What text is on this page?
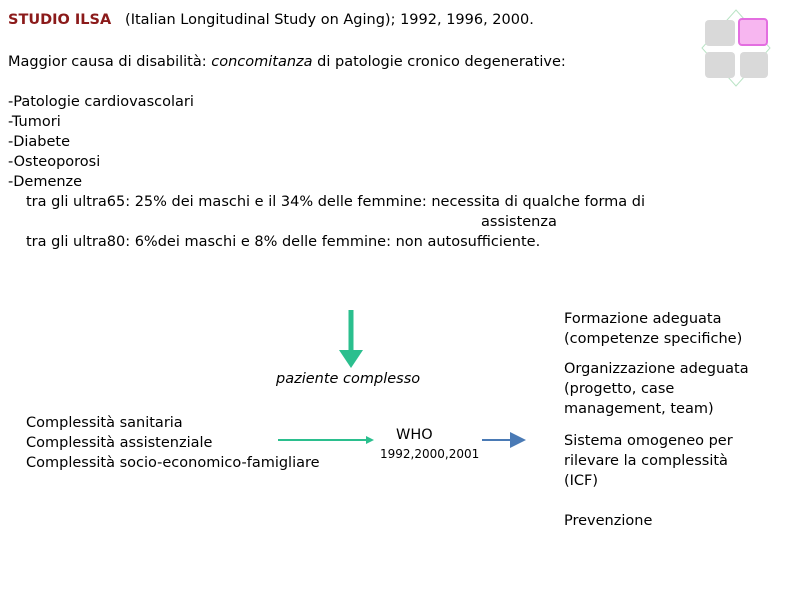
STUDIO ILSA (Italian Longitudinal Study on Aging); 1992, 1996, 2000.
Maggior causa di disabilità: concomitanza di patologie cronico degenerative:
-Patologie cardiovascolari
-Tumori
-Diabete
-Osteoporosi
-Demenze
tra gli ultra65: 25% dei maschi e il 34% delle femmine: necessita di qualche forma di
assistenza
tra gli ultra80: 6%dei maschi e 8% delle femmine: non autosufficiente.
paziente complesso
WHO
1992,2000,2001
Complessità sanitaria
Complessità assistenziale
Complessità socio-economico-famigliare
Formazione adeguata
(competenze specifiche)
Organizzazione adeguata
(progetto, case
management, team)
Sistema omogeneo per
rilevare la complessità
(ICF)
Prevenzione
